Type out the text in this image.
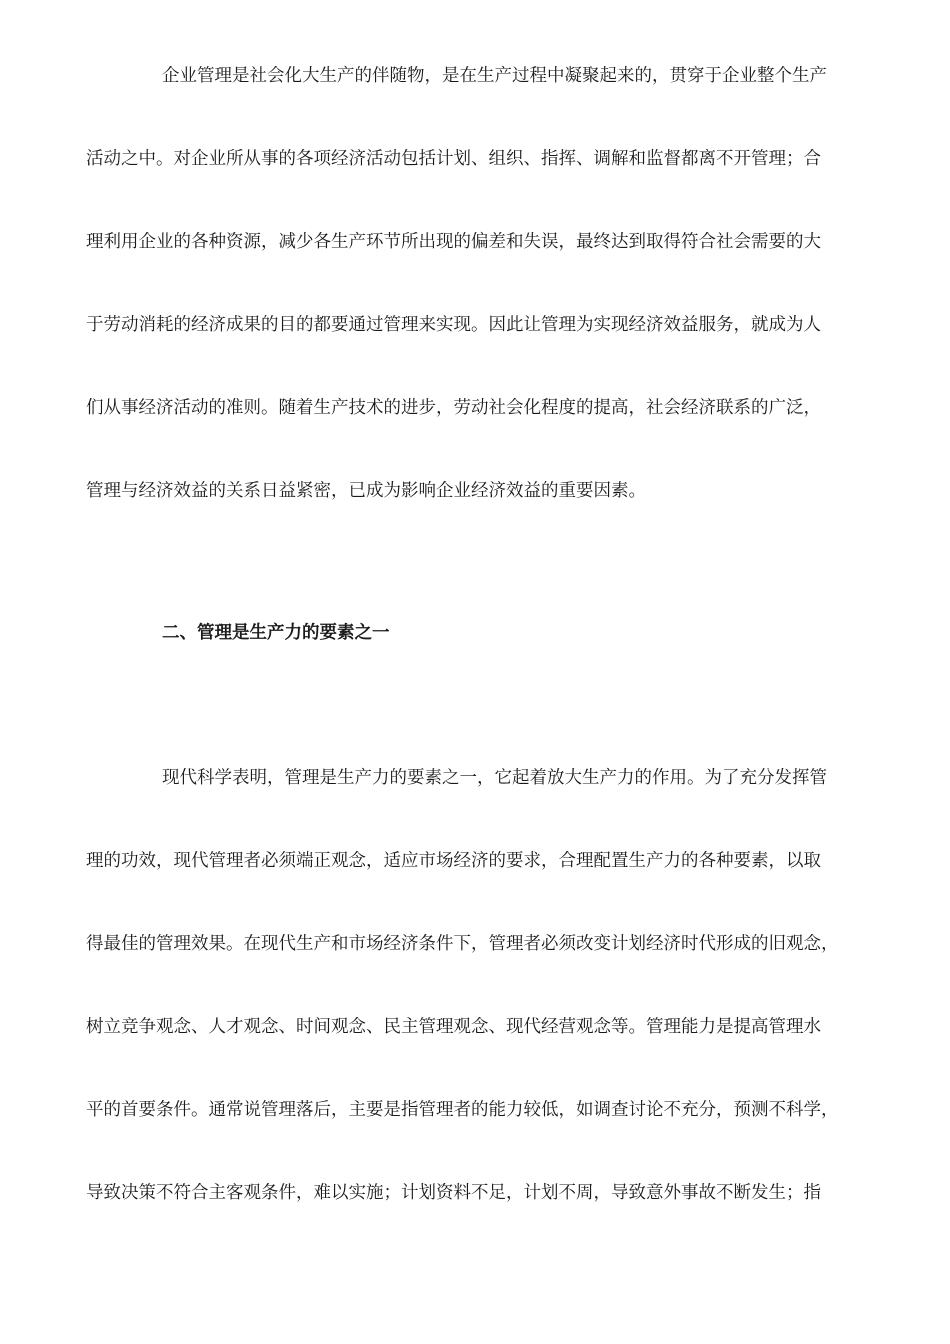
企业管理是社会化大生产的伴随物，是在生产过程中凝聚起来的，贯穿于企业整个生产
活动之中。对企业所从事的各项经济活动包括计划、组织、指挥、调解和监督都离不开管理；合
理利用企业的各种资源，减少各生产环节所出现的偏差和失误，最终达到取得符合社会需要的大
于劳动消耗的经济成果的目的都要通过管理来实现。因此让管理为实现经济效益服务，就成为人
们从事经济活动的准则。随着生产技术的进步，劳动社会化程度的提高，社会经济联系的广泛，
管理与经济效益的关系日益紧密，已成为影响企业经济效益的重要因素。
二、管理是生产力的要素之一
现代科学表明，管理是生产力的要素之一，它起着放大生产力的作用。为了充分发挥管
理的功效，现代管理者必须端正观念，适应市场经济的要求，合理配置生产力的各种要素，以取
得最佳的管理效果。在现代生产和市场经济条件下，管理者必须改变计划经济时代形成的旧观念，
树立竞争观念、人才观念、时间观念、民主管理观念、现代经营观念等。管理能力是提高管理水
平的首要条件。通常说管理落后，主要是指管理者的能力较低，如调查讨论不充分，预测不科学，
导致决策不符合主客观条件，难以实施；计划资料不足，计划不周，导致意外事故不断发生；指
